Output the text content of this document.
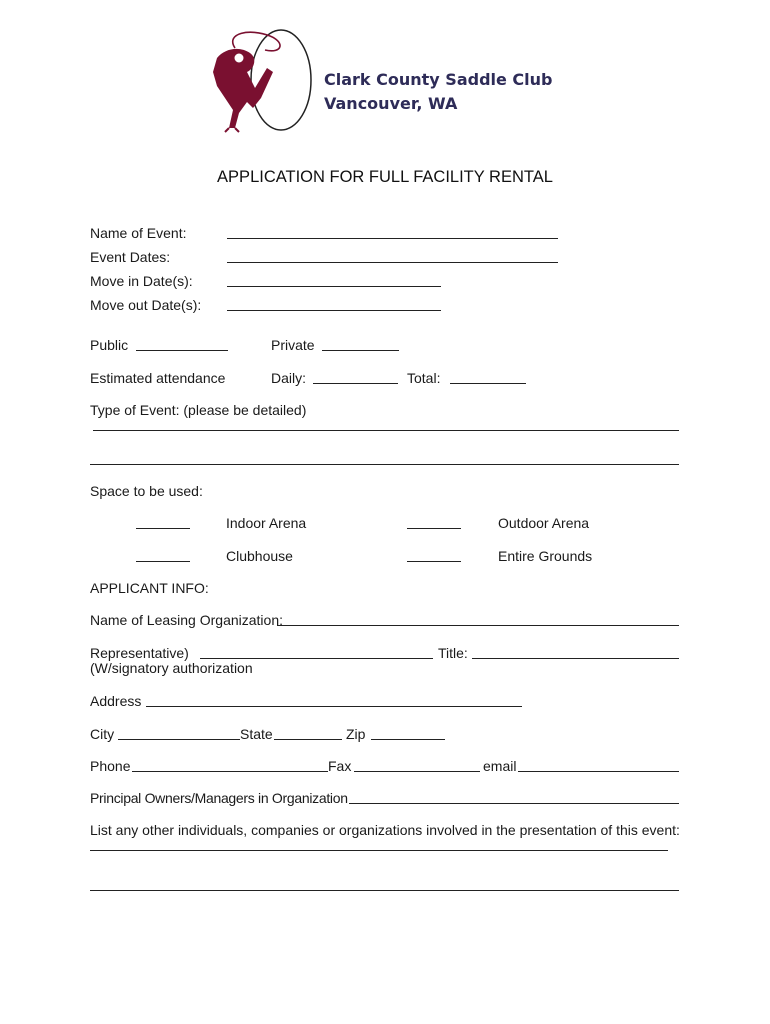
Clark County Saddle Club
Vancouver, WA
APPLICATION FOR FULL FACILITY RENTAL
Name of Event:
Event Dates:
Move in Date(s):
Move out Date(s):
Public	Private
Estimated attendance	Daily:	Total:
Type of Event: (please be detailed)
Space to be used:
Indoor Arena	Outdoor Arena
Clubhouse	Entire Grounds
APPLICANT INFO:
Name of Leasing Organization:
Representative)	Title:
(W/signatory authorization
Address
City	State	Zip
Phone	Fax	email
Principal Owners/Managers in Organization
List any other individuals, companies or organizations involved in the presentation of this event:
